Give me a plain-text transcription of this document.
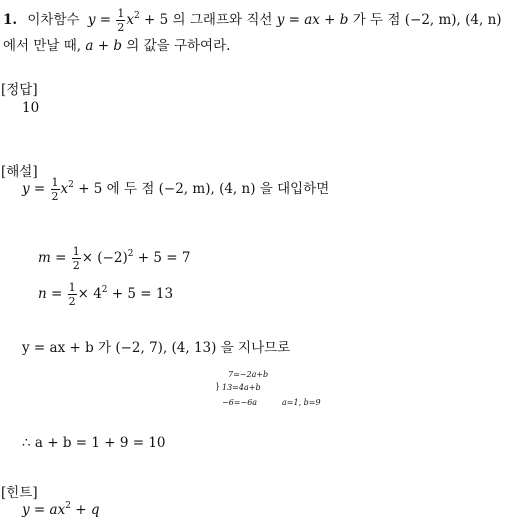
1. 이차함수 $y = \frac{1}{2} x^2 + 5$ 의 그래프와 직선 y = ax + b 가 두 점 (−2, m), (4, n)
에서 만날 때, a + b 의 값을 구하여라.
[정답]
10
[해설]
$y = \frac{1}{2} x^2 + 5$ 에 두 점 (−2, m), (4, n) 을 대입하면
$m = \frac{1}{2} \times (-2)^2 + 5 = 7$
$n = \frac{1}{2} \times 4^2 + 5 = 13$
y = ax + b 가 (−2, 7), (4, 13) 을 지나므로
7=−2a+b
} 13=4a+b
−6=−6a	a=1, b=9
∴ a + b = 1 + 9 = 10
[힌트]
$y = ax^2 + q$
